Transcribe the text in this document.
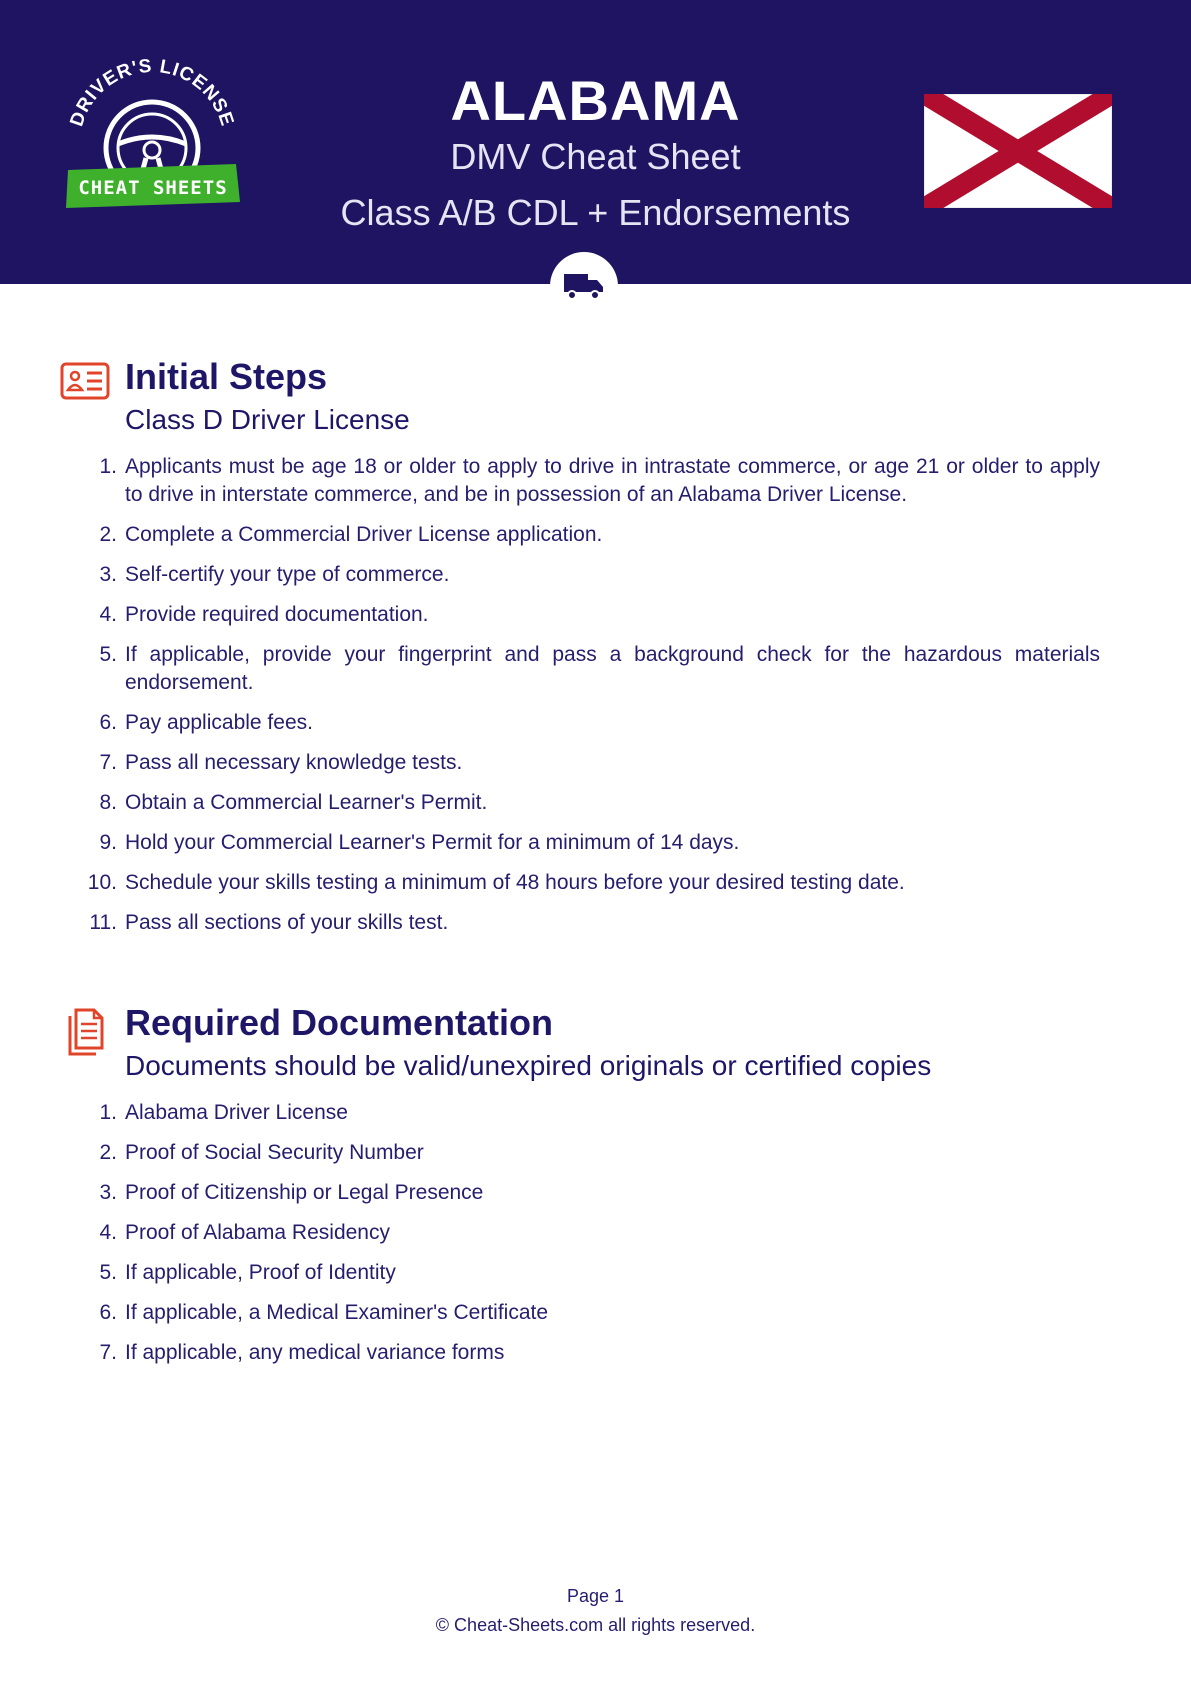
DRIVER'S LICENSE
CHEAT SHEETS
ALABAMA
DMV Cheat Sheet
Class A/B CDL + Endorsements
Initial Steps
Class D Driver License
1. Applicants must be age 18 or older to apply to drive in intrastate commerce, or age 21 or older to apply to drive in interstate commerce, and be in possession of an Alabama Driver License.
2. Complete a Commercial Driver License application.
3. Self-certify your type of commerce.
4. Provide required documentation.
5. If applicable, provide your fingerprint and pass a background check for the hazardous materials endorsement.
6. Pay applicable fees.
7. Pass all necessary knowledge tests.
8. Obtain a Commercial Learner's Permit.
9. Hold your Commercial Learner's Permit for a minimum of 14 days.
10. Schedule your skills testing a minimum of 48 hours before your desired testing date.
11. Pass all sections of your skills test.
Required Documentation
Documents should be valid/unexpired originals or certified copies
1. Alabama Driver License
2. Proof of Social Security Number
3. Proof of Citizenship or Legal Presence
4. Proof of Alabama Residency
5. If applicable, Proof of Identity
6. If applicable, a Medical Examiner's Certificate
7. If applicable, any medical variance forms
Page 1
© Cheat-Sheets.com all rights reserved.
